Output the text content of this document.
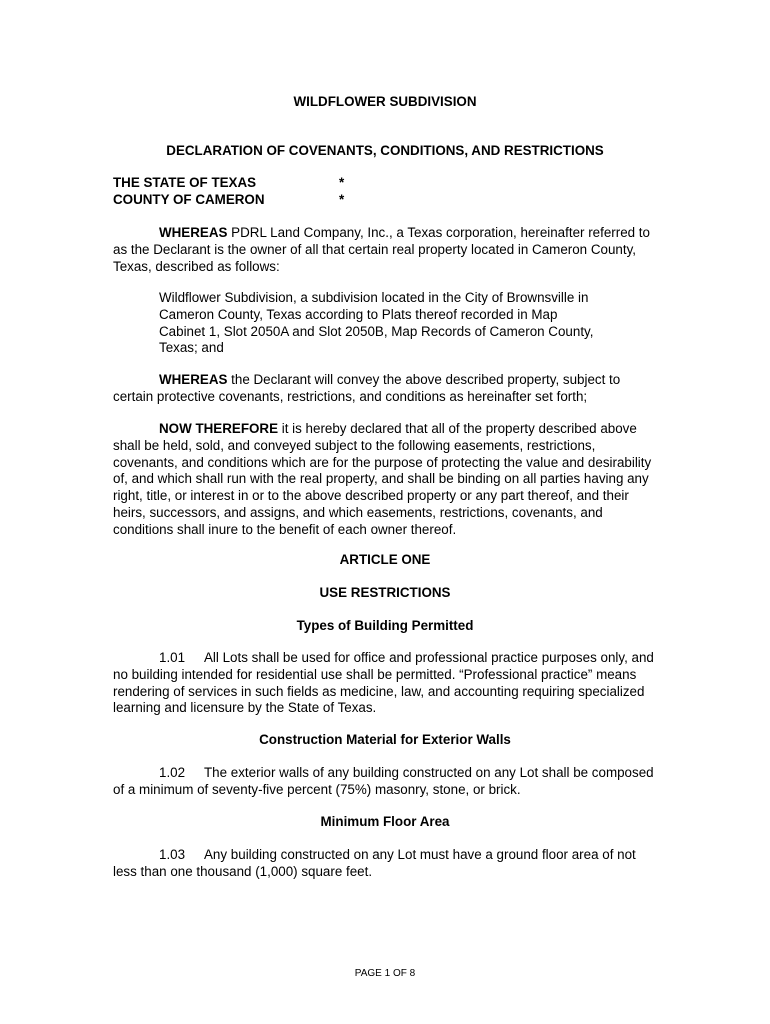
WILDFLOWER SUBDIVISION
DECLARATION OF COVENANTS, CONDITIONS, AND RESTRICTIONS
THE STATE OF TEXAS	*
COUNTY OF CAMERON	*

WHEREAS PDRL Land Company, Inc., a Texas corporation, hereinafter referred to as the Declarant is the owner of all that certain real property located in Cameron County, Texas, described as follows:

Wildflower Subdivision, a subdivision located in the City of Brownsville in Cameron County, Texas according to Plats thereof recorded in Map Cabinet 1, Slot 2050A and Slot 2050B, Map Records of Cameron County, Texas; and

WHEREAS the Declarant will convey the above described property, subject to certain protective covenants, restrictions, and conditions as hereinafter set forth;

NOW THEREFORE it is hereby declared that all of the property described above shall be held, sold, and conveyed subject to the following easements, restrictions, covenants, and conditions which are for the purpose of protecting the value and desirability of, and which shall run with the real property, and shall be binding on all parties having any right, title, or interest in or to the above described property or any part thereof, and their heirs, successors, and assigns, and which easements, restrictions, covenants, and conditions shall inure to the benefit of each owner thereof.

ARTICLE ONE
USE RESTRICTIONS
Types of Building Permitted

1.01 All Lots shall be used for office and professional practice purposes only, and no building intended for residential use shall be permitted. “Professional practice” means rendering of services in such fields as medicine, law, and accounting requiring specialized learning and licensure by the State of Texas.

Construction Material for Exterior Walls

1.02 The exterior walls of any building constructed on any Lot shall be composed of a minimum of seventy-five percent (75%) masonry, stone, or brick.

Minimum Floor Area

1.03 Any building constructed on any Lot must have a ground floor area of not less than one thousand (1,000) square feet.

PAGE 1 OF 8
